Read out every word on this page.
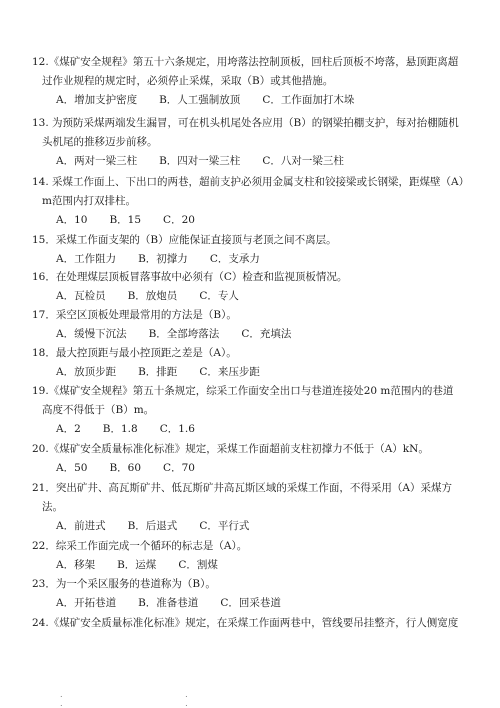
12.《煤矿安全规程》第五十六条规定，用垮落法控制顶板，回柱后顶板不垮落，悬顶距离超
过作业规程的规定时，必须停止采煤，采取（B）或其他措施。
A．增加支护密度 B．人工强制放顶 C．工作面加打木垛
13. 为预防采煤两端发生漏冒，可在机头机尾处各应用（B）的钢梁拍棚支护，每对抬棚随机
头机尾的推移迈步前移。
A．两对一梁三柱 B．四对一梁三柱 C．八对一梁三柱
14. 采煤工作面上、下出口的两巷，超前支护必须用金属支柱和铰接梁或长钢梁，距煤壁（A）
m范围内打双排柱。
A．10 B．15 C．20
15．采煤工作面支架的（B）应能保证直接顶与老顶之间不离层。
A．工作阻力 B．初撑力 C．支承力
16．在处理煤层顶板冒落事故中必须有（C）检查和监视顶板情况。
A．瓦检员 B．放炮员 C．专人
17．采空区顶板处理最常用的方法是（B）。
A．缓慢下沉法 B．全部垮落法 C．充填法
18．最大控顶距与最小控顶距之差是（A）。
A．放顶步距 B．排距 C．来压步距
19.《煤矿安全规程》第五十条规定，综采工作面安全出口与巷道连接处20 m范围内的巷道
高度不得低于（B）m。
A．2 B．1.8 C．1.6
20.《煤矿安全质量标准化标准》规定，采煤工作面超前支柱初撑力不低于（A）kN。
A．50 B．60 C．70
21．突出矿井、高瓦斯矿井、低瓦斯矿井高瓦斯区域的采煤工作面，不得采用（A）采煤方
法。
A．前进式 B．后退式 C．平行式
22．综采工作面完成一个循环的标志是（A）。
A．移架 B．运煤 C．割煤
23．为一个采区服务的巷道称为（B）。
A．开拓巷道 B．准备巷道 C．回采巷道
24.《煤矿安全质量标准化标准》规定，在采煤工作面两巷中，管线要吊挂整齐，行人侧宽度
. . . .
